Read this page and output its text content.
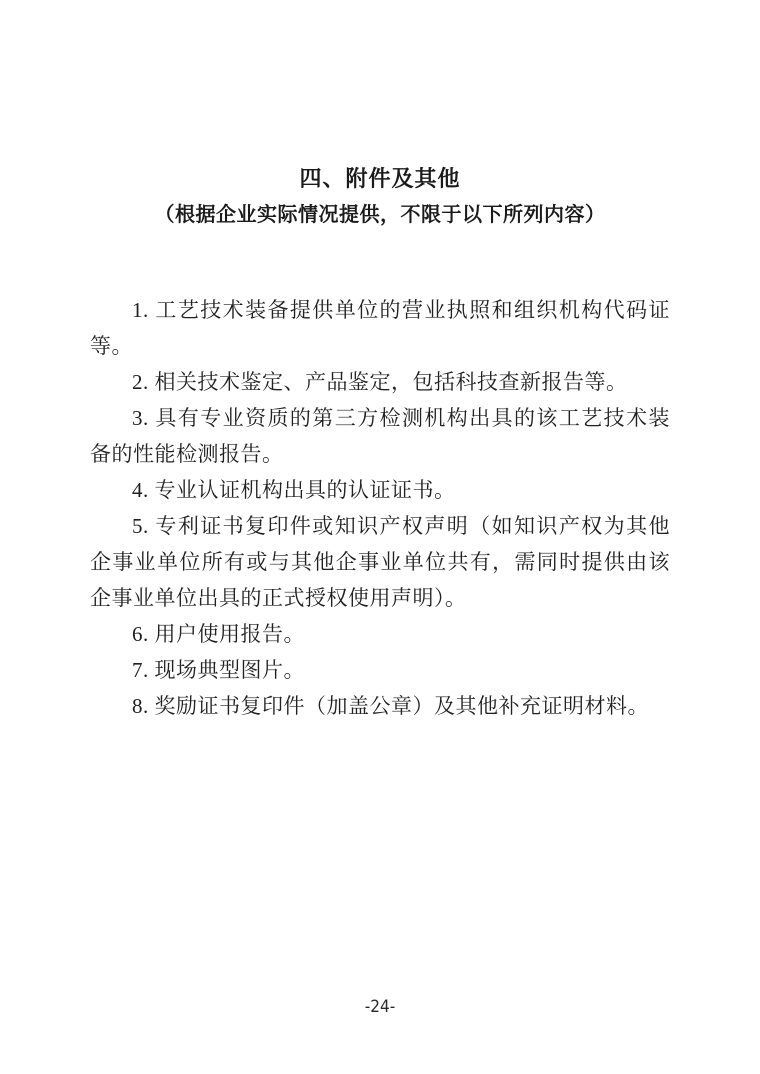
四、附件及其他
（根据企业实际情况提供，不限于以下所列内容）

1. 工艺技术装备提供单位的营业执照和组织机构代码证等。

2. 相关技术鉴定、产品鉴定，包括科技查新报告等。

3. 具有专业资质的第三方检测机构出具的该工艺技术装备的性能检测报告。

4. 专业认证机构出具的认证证书。

5. 专利证书复印件或知识产权声明（如知识产权为其他企事业单位所有或与其他企事业单位共有，需同时提供由该企事业单位出具的正式授权使用声明）。

6. 用户使用报告。

7. 现场典型图片。

8. 奖励证书复印件（加盖公章）及其他补充证明材料。

-24-
